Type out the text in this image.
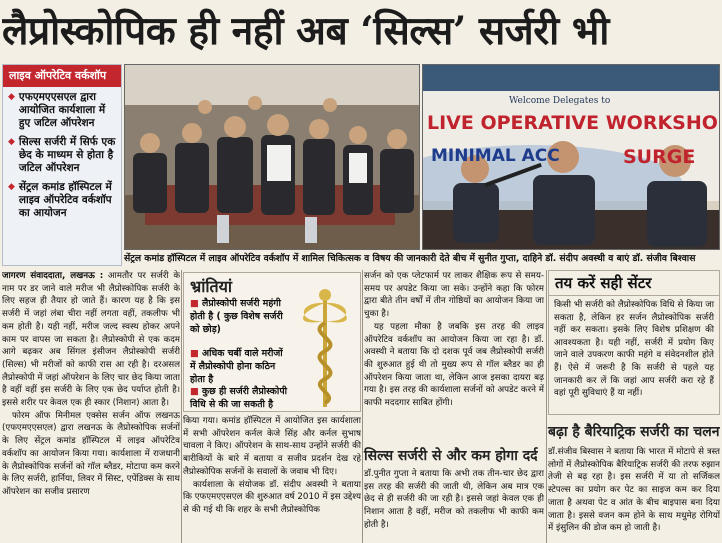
लैप्रोस्कोपिक ही नहीं अब ‘सिल्स’ सर्जरी भी
लाइव ऑपरेटिव वर्कशॉप
◆ एफएमएएसएल द्वारा आयोजित कार्यशाला में हुए जटिल ऑपरेशन
◆ सिल्स सर्जरी में सिर्फ एक छेद के माध्यम से होता है जटिल ऑपरेशन
◆ सेंट्रल कमांड हॉस्पिटल में लाइव ऑपरेटिव वर्कशॉप का आयोजन
Welcome Delegates to
LIVE OPERATIVE WORKSHO
MINIMAL ACC	SURGE
सेंट्रल कमांड हॉस्पिटल में लाइव ऑपरेटिव वर्कशॉप में शामिल चिकित्सक व विषय की जानकारी देते बीच में सुनीत गुप्ता, दाहिने डॉ. संदीप अवस्थी व बाएं डॉ. संजीव बिश्वास

जागरण संवाददाता, लखनऊ : आमतौर पर सर्जरी के नाम पर डर जाने वाले मरीज भी लैप्रोस्कोपिक सर्जरी के लिए सहज ही तैयार हो जाते हैं। कारण यह है कि इस सर्जरी में जहां लंबा चीरा नहीं लगता वहीं, तकलीफ भी कम होती है। यही नहीं, मरीज जल्द स्वस्थ होकर अपने काम पर वापस जा सकता है। लैप्रोस्कोपी से एक कदम आगे बढ़कर अब सिंगल इंसीजन लैप्रोस्कोपी सर्जरी (सिल्स) भी मरीजों को काफी रास आ रही है। दरअसल लैप्रोस्कोपी में जहां ऑपरेशन के लिए चार छेद किया जाता है वहीं वहीं इस सर्जरी के लिए एक छेद पर्याप्त होती है। इससे शरीर पर केवल एक ही स्कार (निशान) आता है।

फोरम ऑफ मिनीमल एक्सेस सर्जन ऑफ लखनऊ (एफएमएएसएल) द्वारा लखनऊ के लैप्रोस्कोपिक सर्जनों के लिए सेंट्रल कमांड हॉस्पिटल में लाइव ऑपरेटिव वर्कशॉप का आयोजन किया गया। कार्यशाला में राजधानी के लैप्रोस्कोपिक सर्जनों को गॉल ब्लैडर, मोटापा कम करने के लिए सर्जरी, हार्निया, लिवर में सिस्ट, एपेंडिक्स के साथ ऑपरेशन का सजीव प्रसारण

भ्रांतियां
■ लैप्रोस्कोपी सर्जरी महंगी होती है ( कुछ विशेष सर्जरी को छोड़)
■ अधिक चर्बी वाले मरीजों में लैप्रोस्कोपी होना कठिन होता है
■ कुछ ही सर्जरी लैप्रोस्कोपी विधि से की जा सकती है

किया गया। कमांड हॉस्पिटल में आयोजित इस कार्यशाला में सभी ऑपरेशन कर्नल केजे सिंह और कर्नल सुभाष चावला ने किए। ऑपरेशन के साथ-साथ उन्होंने सर्जरी की बारीकियों के बारे में बताया व सजीव प्रदर्शन देख रहे लैप्रोस्कोपिक सर्जनों के सवालों के जवाब भी दिए।

कार्यशाला के संयोजक डॉ. संदीप अवस्थी ने बताया कि एफएमएएसएल की शुरुआत वर्ष 2010 में इस उद्देश्य से की गई थी कि शहर के सभी लैप्रोस्कोपिक

सर्जन को एक प्लेटफार्म पर लाकर शैक्षिक रूप से समय-समय पर अपडेट किया जा सके। उन्होंने कहा कि फोरम द्वारा बीते तीन वर्षों में तीन गोष्ठियों का आयोजन किया जा चुका है।

यह पहला मौका है जबकि इस तरह की लाइव ऑपरेटिव वर्कशॉप का आयोजन किया जा रहा है। डॉ. अवस्थी ने बताया कि दो दशक पूर्व जब लैप्रोस्कोपी सर्जरी की शुरुआत हुई थी तो मुख्य रूप से गॉल ब्लैडर का ही ऑपरेशन किया जाता था, लेकिन आज इसका दायरा बढ़ गया है। इस तरह की कार्यशाला सर्जनों को अपडेट करने में काफी मददगार साबित होंगी।

सिल्स सर्जरी से और कम होगा दर्द

डॉ.पुनीत गुप्ता ने बताया कि अभी तक तीन-चार छेद द्वारा इस तरह की सर्जरी की जाती थी, लेकिन अब मात्र एक छेद से ही सर्जरी की जा रही है। इससे जहां केवल एक ही निशान आता है वहीं, मरीज को तकलीफ भी काफी कम होती है।

तय करें सही सेंटर
किसी भी सर्जरी को लैप्रोस्कोपिक विधि से किया जा सकता है, लेकिन हर सर्जन लैप्रोस्कोपिक सर्जरी नहीं कर सकता। इसके लिए विशेष प्रशिक्षण की आवश्यकता है। यही नहीं, सर्जरी में प्रयोग किए जाने वाले उपकरण काफी महंगे व संवेदनशील होते हैं। ऐसे में जरूरी है कि सर्जरी से पहले यह जानकारी कर लें कि जहां आप सर्जरी करा रहे हैं वहां पूरी सुविधाएं हैं या नहीं।
बढ़ा है बैरियाट्रिक सर्जरी का चलन

डॉ.संजीव बिस्वास ने बताया कि भारत में मोटापे से त्रस्त लोगों में लैप्रोस्कोपिक बैरियाट्रिक सर्जरी की तरफ रुझान तेजी से बढ़ रहा है। इस सर्जरी में या तो सर्जिकल स्टेपल्स का प्रयोग कर पेट का साइज कम कर दिया जाता है अथवा पेट व आंत के बीच बाइपास बना दिया जाता है। इससे वजन कम होने के साथ मधुमेह रोगियों में इंसुलिन की डोज कम हो जाती है।
